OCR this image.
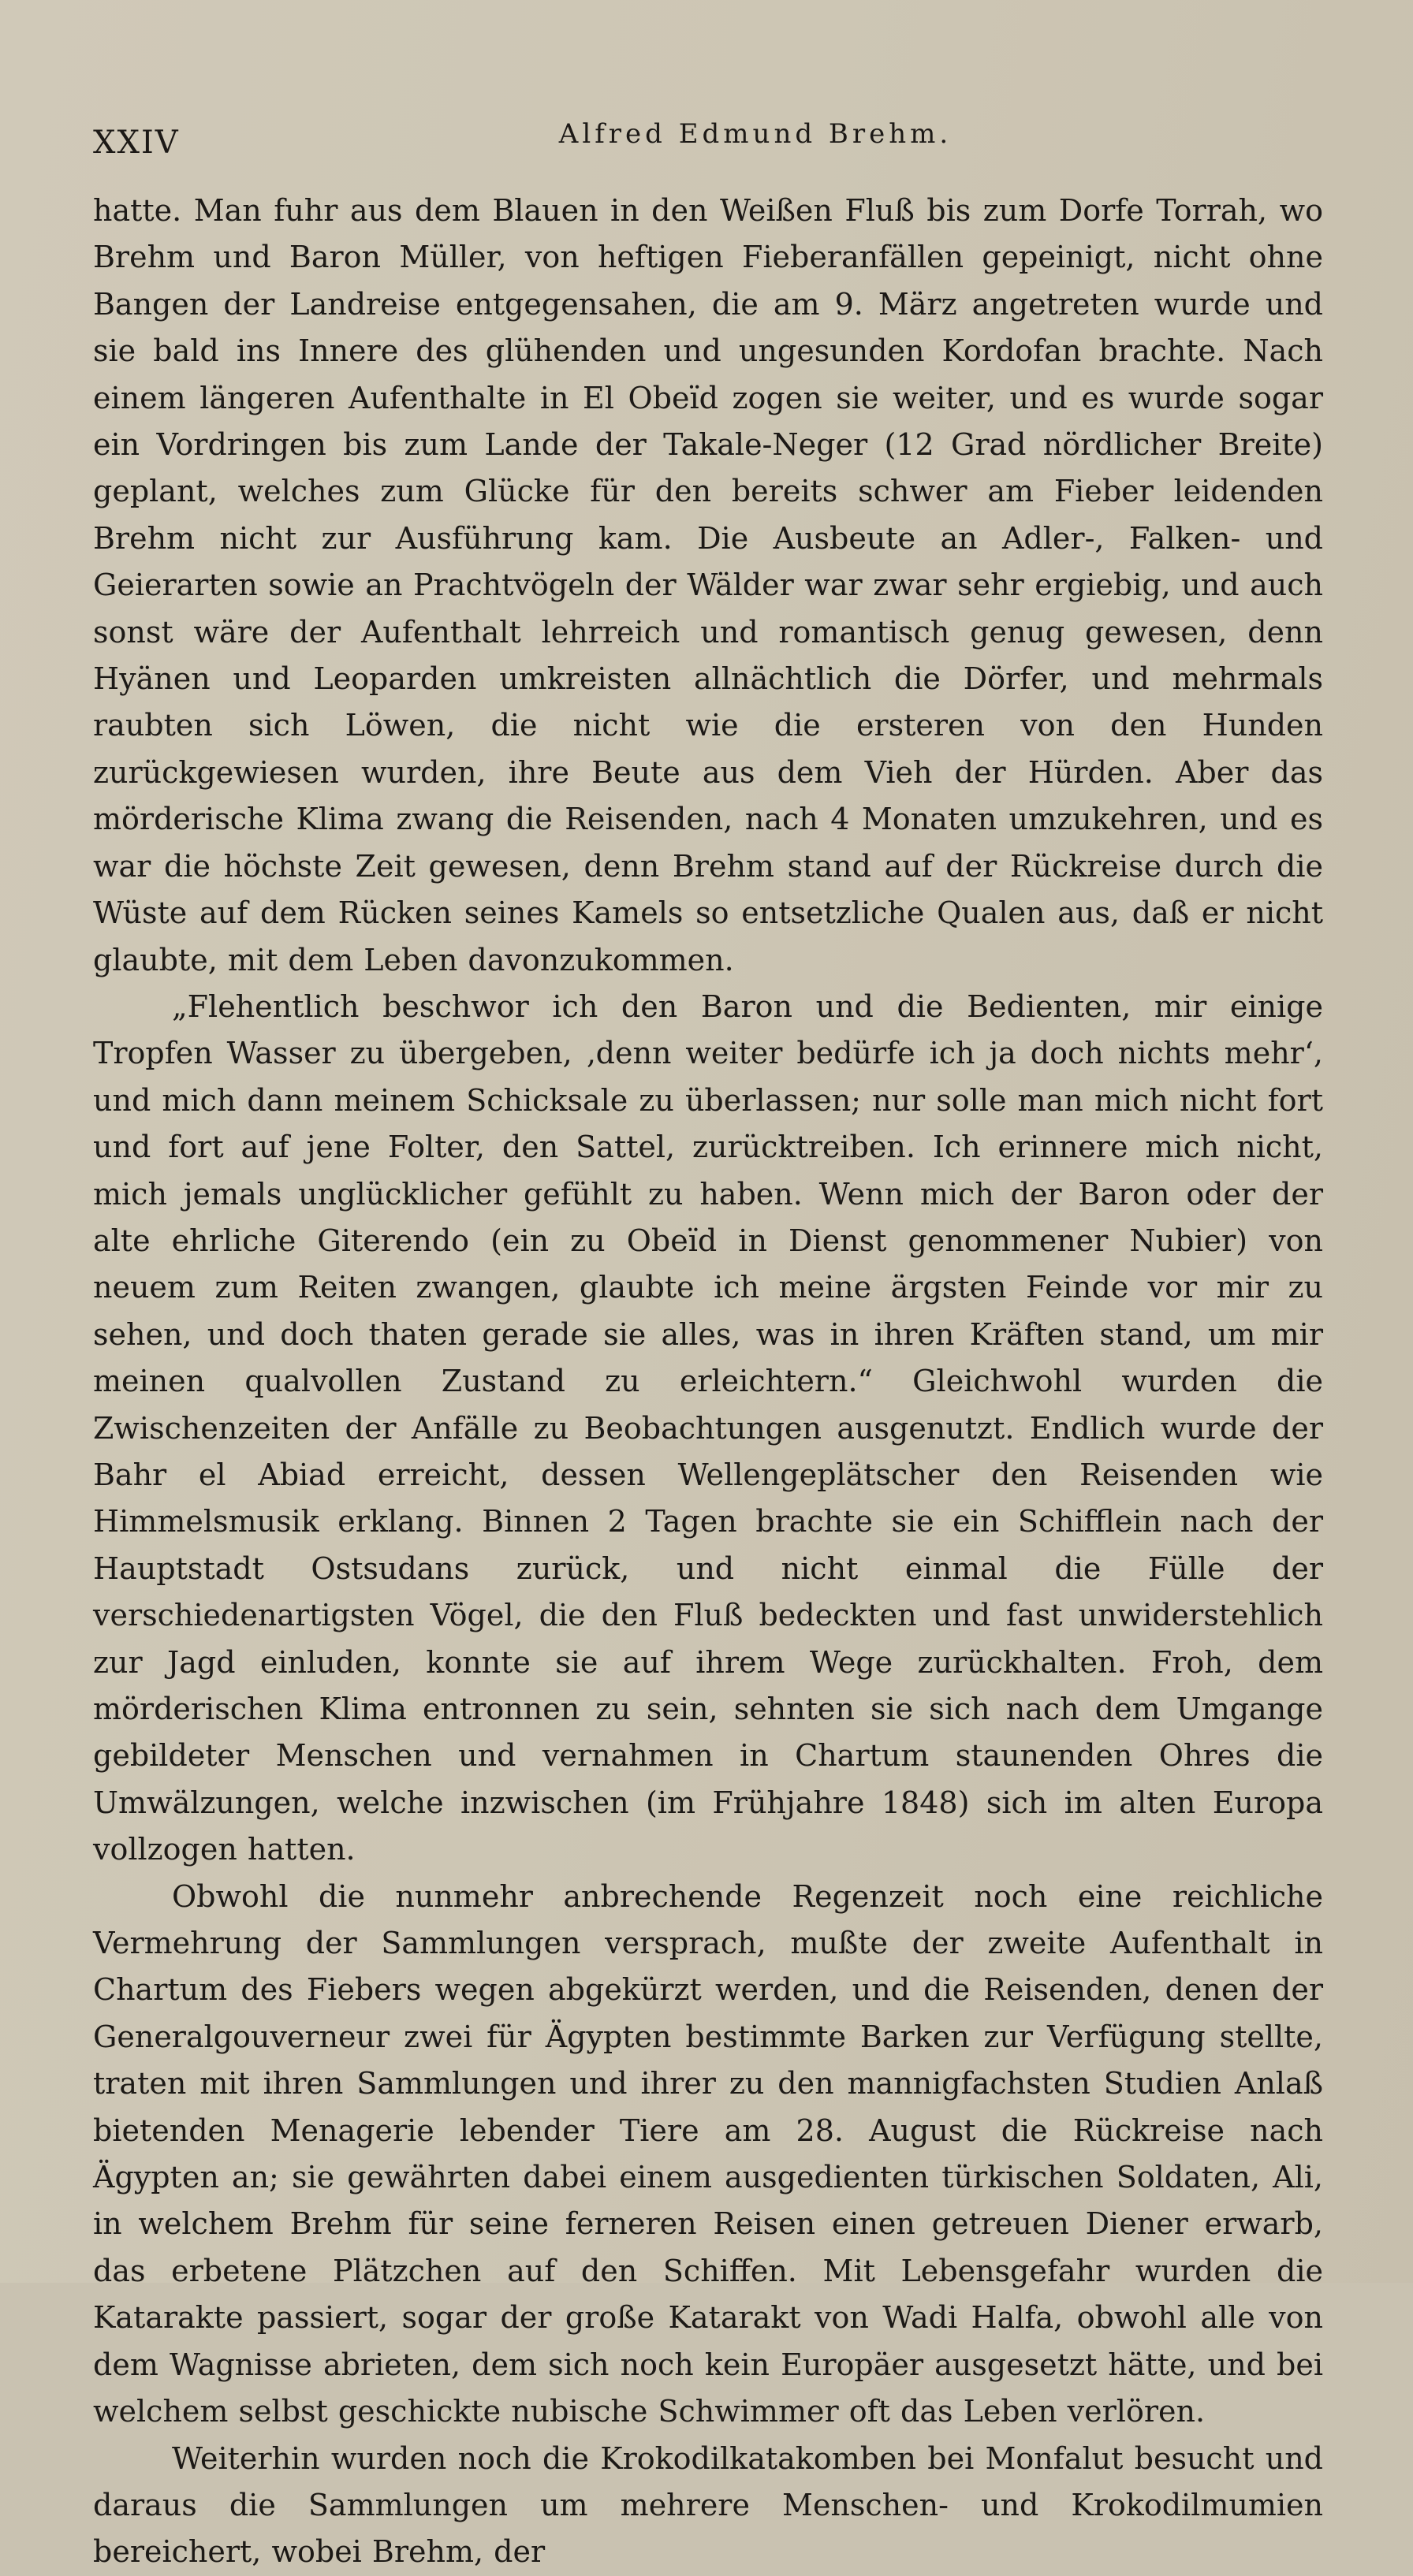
XXIV	Alfred Edmund Brehm.

hatte. Man fuhr aus dem Blauen in den Weißen Fluß bis zum Dorfe Torrah, wo Brehm und Baron Müller, von heftigen Fieberanfällen gepeinigt, nicht ohne Bangen der Landreise entgegensahen, die am 9. März angetreten wurde und sie bald ins Innere des glühenden und ungesunden Kordofan brachte. Nach einem längeren Aufenthalte in El Obeïd zogen sie weiter, und es wurde sogar ein Vordringen bis zum Lande der Takale-Neger (12 Grad nördlicher Breite) geplant, welches zum Glücke für den bereits schwer am Fieber leidenden Brehm nicht zur Ausführung kam. Die Ausbeute an Adler-, Falken- und Geierarten sowie an Prachtvögeln der Wälder war zwar sehr ergiebig, und auch sonst wäre der Aufenthalt lehrreich und romantisch genug gewesen, denn Hyänen und Leoparden umkreisten allnächtlich die Dörfer, und mehrmals raubten sich Löwen, die nicht wie die ersteren von den Hunden zurückgewiesen wurden, ihre Beute aus dem Vieh der Hürden. Aber das mörderische Klima zwang die Reisenden, nach 4 Monaten umzukehren, und es war die höchste Zeit gewesen, denn Brehm stand auf der Rückreise durch die Wüste auf dem Rücken seines Kamels so entsetzliche Qualen aus, daß er nicht glaubte, mit dem Leben davonzukommen.

„Flehentlich beschwor ich den Baron und die Bedienten, mir einige Tropfen Wasser zu übergeben, ‚denn weiter bedürfe ich ja doch nichts mehr‘, und mich dann meinem Schicksale zu überlassen; nur solle man mich nicht fort und fort auf jene Folter, den Sattel, zurücktreiben. Ich erinnere mich nicht, mich jemals unglücklicher gefühlt zu haben. Wenn mich der Baron oder der alte ehrliche Giterendo (ein zu Obeïd in Dienst genommener Nubier) von neuem zum Reiten zwangen, glaubte ich meine ärgsten Feinde vor mir zu sehen, und doch thaten gerade sie alles, was in ihren Kräften stand, um mir meinen qualvollen Zustand zu erleichtern.“ Gleichwohl wurden die Zwischenzeiten der Anfälle zu Beobachtungen ausgenutzt. Endlich wurde der Bahr el Abiad erreicht, dessen Wellengeplätscher den Reisenden wie Himmelsmusik erklang. Binnen 2 Tagen brachte sie ein Schifflein nach der Hauptstadt Ostsudans zurück, und nicht einmal die Fülle der verschiedenartigsten Vögel, die den Fluß bedeckten und fast unwiderstehlich zur Jagd einluden, konnte sie auf ihrem Wege zurückhalten. Froh, dem mörderischen Klima entronnen zu sein, sehnten sie sich nach dem Umgange gebildeter Menschen und vernahmen in Chartum staunenden Ohres die Umwälzungen, welche inzwischen (im Frühjahre 1848) sich im alten Europa vollzogen hatten.

Obwohl die nunmehr anbrechende Regenzeit noch eine reichliche Vermehrung der Sammlungen versprach, mußte der zweite Aufenthalt in Chartum des Fiebers wegen abgekürzt werden, und die Reisenden, denen der Generalgouverneur zwei für Ägypten bestimmte Barken zur Verfügung stellte, traten mit ihren Sammlungen und ihrer zu den mannigfachsten Studien Anlaß bietenden Menagerie lebender Tiere am 28. August die Rückreise nach Ägypten an; sie gewährten dabei einem ausgedienten türkischen Soldaten, Ali, in welchem Brehm für seine ferneren Reisen einen getreuen Diener erwarb, das erbetene Plätzchen auf den Schiffen. Mit Lebensgefahr wurden die Katarakte passiert, sogar der große Katarakt von Wadi Halfa, obwohl alle von dem Wagnisse abrieten, dem sich noch kein Europäer ausgesetzt hätte, und bei welchem selbst geschickte nubische Schwimmer oft das Leben verlören.

Weiterhin wurden noch die Krokodilkatakomben bei Monfalut besucht und daraus die Sammlungen um mehrere Menschen- und Krokodilmumien bereichert, wobei Brehm, der
